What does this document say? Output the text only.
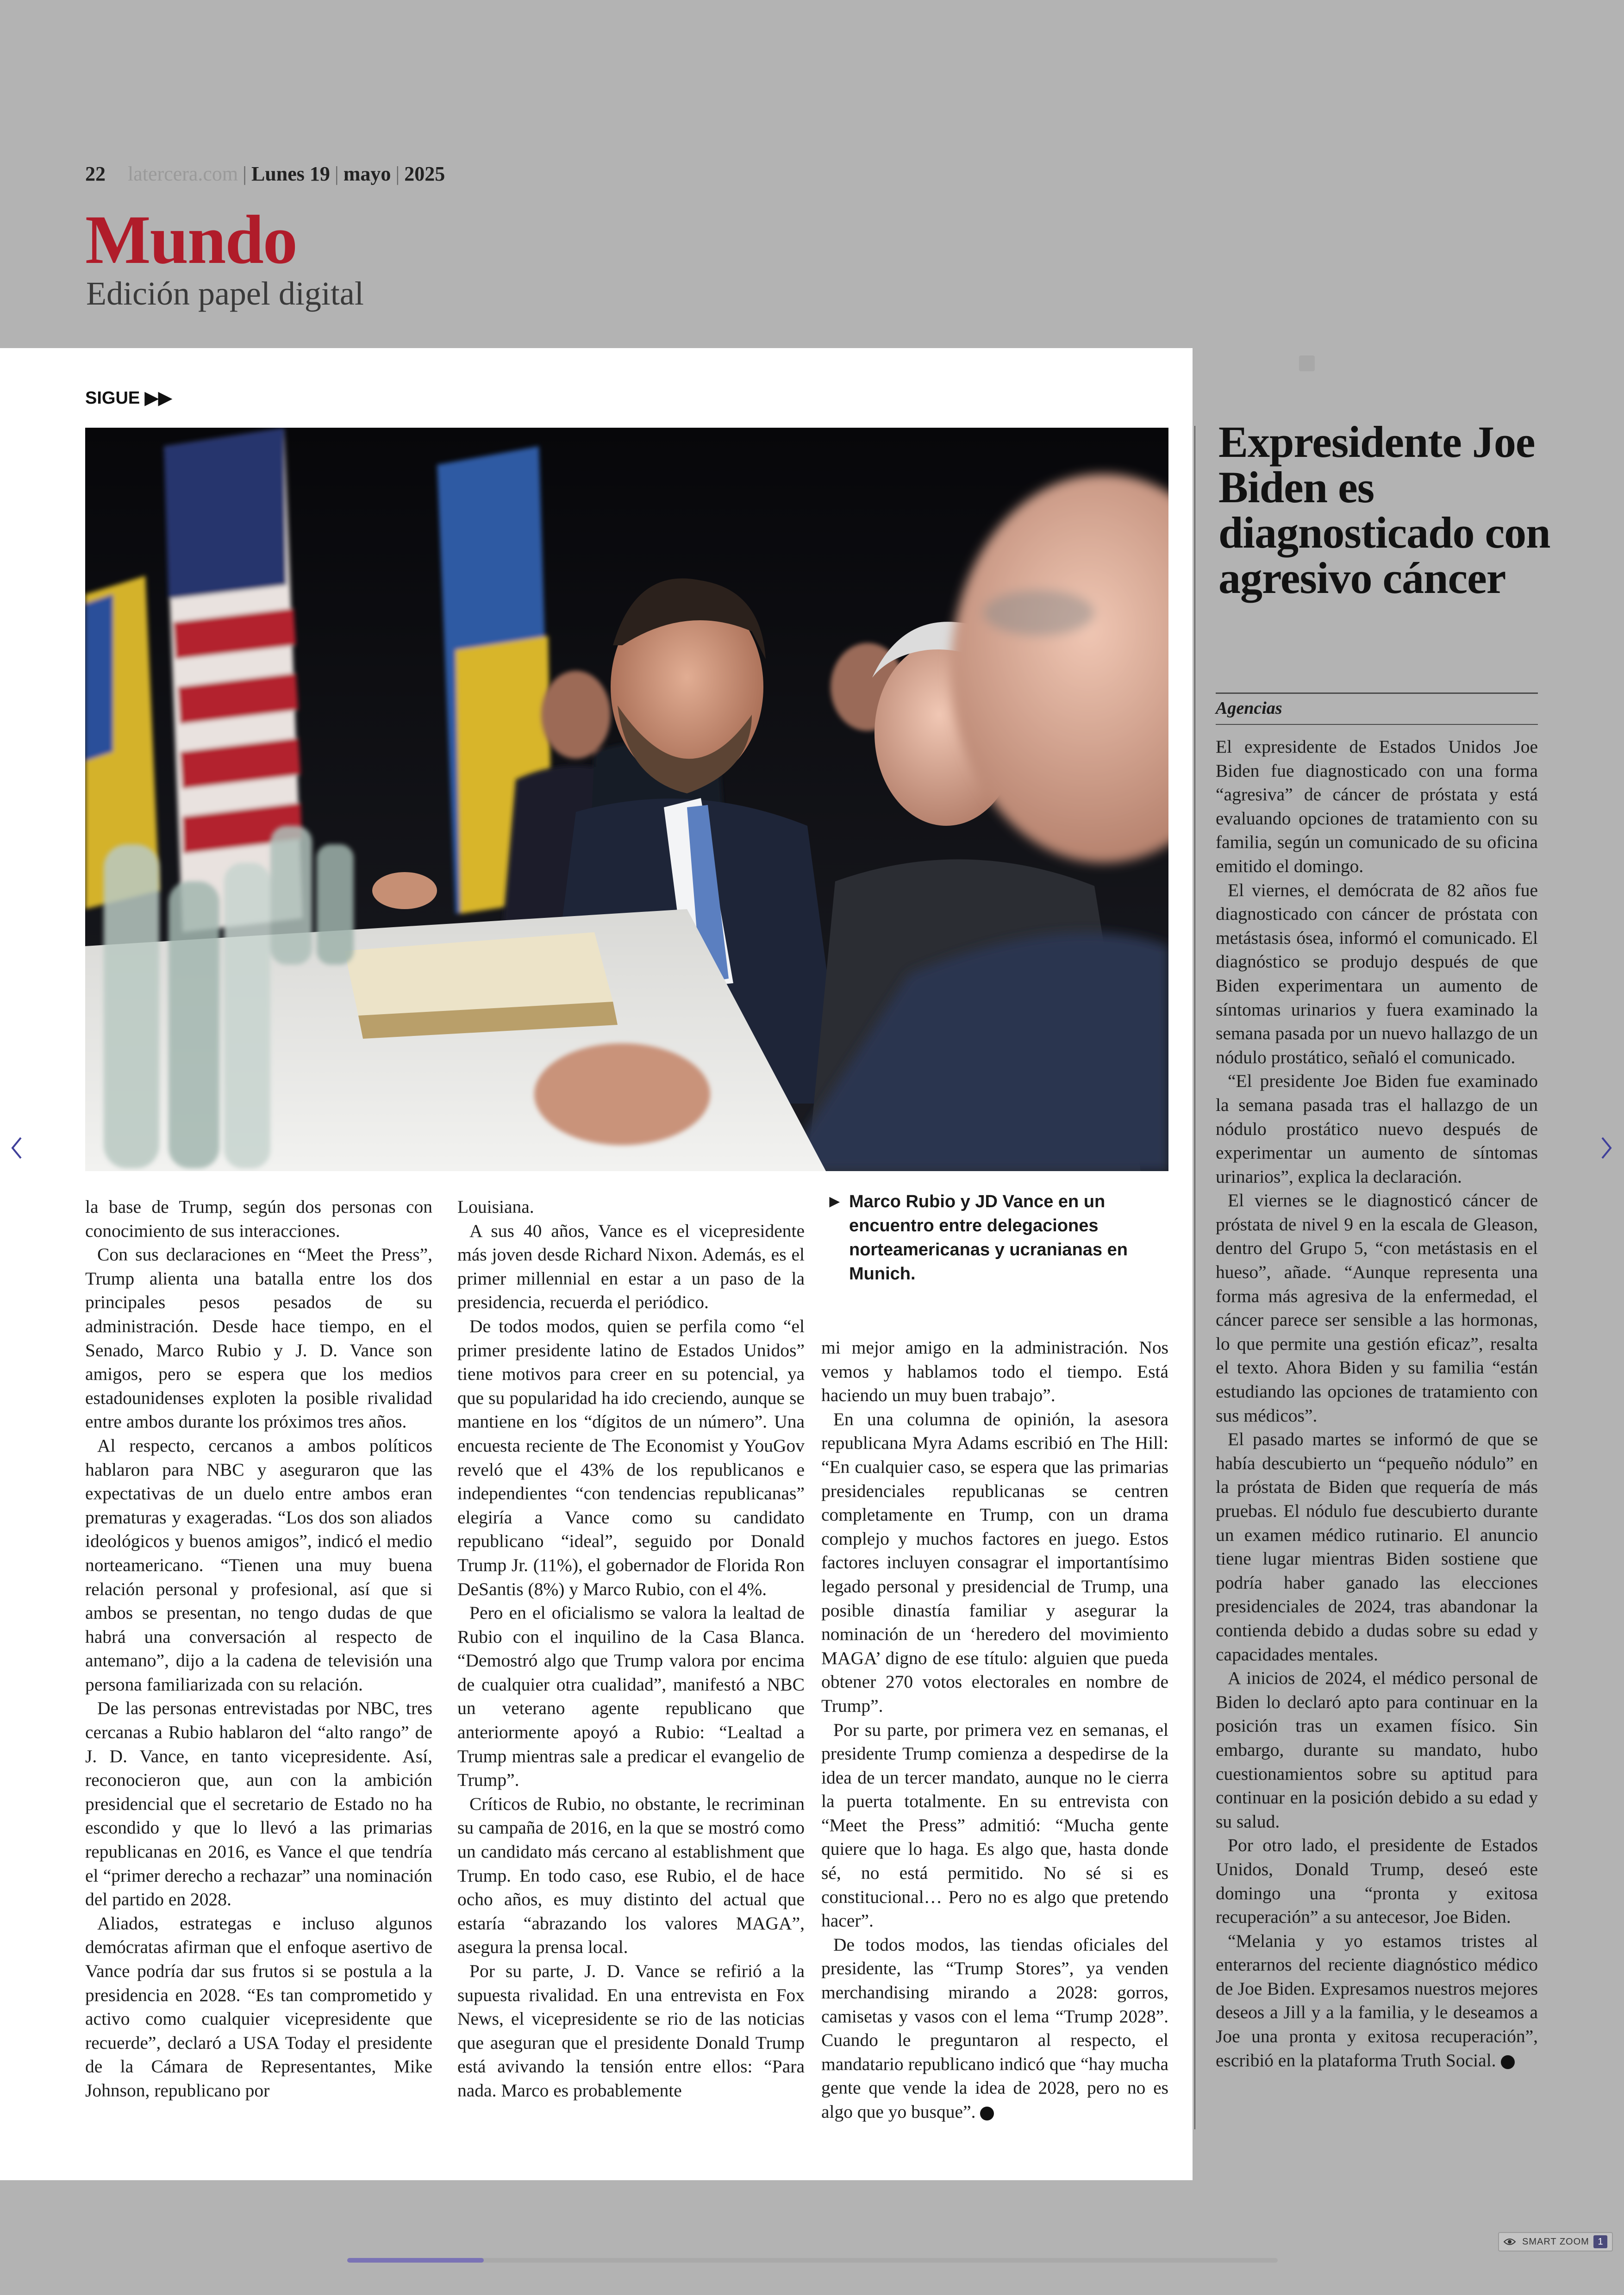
22 latercera.com | Lunes 19 | mayo | 2025
Mundo
Edición papel digital
SIGUE ▶▶
► Marco Rubio y JD Vance en un encuentro entre delegaciones norteamericanas y ucranianas en Munich.

la base de Trump, según dos personas con conocimiento de sus interacciones.

Con sus declaraciones en “Meet the Press”, Trump alienta una batalla entre los dos principales pesos pesados de su administración. Desde hace tiempo, en el Senado, Marco Rubio y J. D. Vance son amigos, pero se espera que los medios estadounidenses exploten la posible rivalidad entre ambos durante los próximos tres años.

Al respecto, cercanos a ambos políticos hablaron para NBC y aseguraron que las expectativas de un duelo entre ambos eran prematuras y exageradas. “Los dos son aliados ideológicos y buenos amigos”, indicó el medio norteamericano. “Tienen una muy buena relación personal y profesional, así que si ambos se presentan, no tengo dudas de que habrá una conversación al respecto de antemano”, dijo a la cadena de televisión una persona familiarizada con su relación.

De las personas entrevistadas por NBC, tres cercanas a Rubio hablaron del “alto rango” de J. D. Vance, en tanto vicepresidente. Así, reconocieron que, aun con la ambición presidencial que el secretario de Estado no ha escondido y que lo llevó a las primarias republicanas en 2016, es Vance el que tendría el “primer derecho a rechazar” una nominación del partido en 2028.

Aliados, estrategas e incluso algunos demócratas afirman que el enfoque asertivo de Vance podría dar sus frutos si se postula a la presidencia en 2028. “Es tan comprometido y activo como cualquier vicepresidente que recuerde”, declaró a USA Today el presidente de la Cámara de Representantes, Mike Johnson, republicano por

Louisiana.

A sus 40 años, Vance es el vicepresidente más joven desde Richard Nixon. Además, es el primer millennial en estar a un paso de la presidencia, recuerda el periódico.

De todos modos, quien se perfila como “el primer presidente latino de Estados Unidos” tiene motivos para creer en su potencial, ya que su popularidad ha ido creciendo, aunque se mantiene en los “dígitos de un número”. Una encuesta reciente de The Economist y YouGov reveló que el 43% de los republicanos e independientes “con tendencias republicanas” elegiría a Vance como su candidato republicano “ideal”, seguido por Donald Trump Jr. (11%), el gobernador de Florida Ron DeSantis (8%) y Marco Rubio, con el 4%.

Pero en el oficialismo se valora la lealtad de Rubio con el inquilino de la Casa Blanca. “Demostró algo que Trump valora por encima de cualquier otra cualidad”, manifestó a NBC un veterano agente republicano que anteriormente apoyó a Rubio: “Lealtad a Trump mientras sale a predicar el evangelio de Trump”.

Críticos de Rubio, no obstante, le recriminan su campaña de 2016, en la que se mostró como un candidato más cercano al establishment que Trump. En todo caso, ese Rubio, el de hace ocho años, es muy distinto del actual que estaría “abrazando los valores MAGA”, asegura la prensa local.

Por su parte, J. D. Vance se refirió a la supuesta rivalidad. En una entrevista en Fox News, el vicepresidente se rio de las noticias que aseguran que el presidente Donald Trump está avivando la tensión entre ellos: “Para nada. Marco es probablemente

mi mejor amigo en la administración. Nos vemos y hablamos todo el tiempo. Está haciendo un muy buen trabajo”.

En una columna de opinión, la asesora republicana Myra Adams escribió en The Hill: “En cualquier caso, se espera que las primarias presidenciales republicanas se centren completamente en Trump, con un drama complejo y muchos factores en juego. Estos factores incluyen consagrar el importantísimo legado personal y presidencial de Trump, una posible dinastía familiar y asegurar la nominación de un ‘heredero del movimiento MAGA’ digno de ese título: alguien que pueda obtener 270 votos electorales en nombre de Trump”.

Por su parte, por primera vez en semanas, el presidente Trump comienza a despedirse de la idea de un tercer mandato, aunque no le cierra la puerta totalmente. En su entrevista con “Meet the Press” admitió: “Mucha gente quiere que lo haga. Es algo que, hasta donde sé, no está permitido. No sé si es constitucional… Pero no es algo que pretendo hacer”.

De todos modos, las tiendas oficiales del presidente, las “Trump Stores”, ya venden merchandising mirando a 2028: gorros, camisetas y vasos con el lema “Trump 2028”. Cuando le preguntaron al respecto, el mandatario republicano indicó que “hay mucha gente que vende la idea de 2028, pero no es algo que yo busque”.

Expresidente Joe Biden es diagnosticado con agresivo cáncer
Agencias

El expresidente de Estados Unidos Joe Biden fue diagnosticado con una forma “agresiva” de cáncer de próstata y está evaluando opciones de tratamiento con su familia, según un comunicado de su oficina emitido el domingo.

El viernes, el demócrata de 82 años fue diagnosticado con cáncer de próstata con metástasis ósea, informó el comunicado. El diagnóstico se produjo después de que Biden experimentara un aumento de síntomas urinarios y fuera examinado la semana pasada por un nuevo hallazgo de un nódulo prostático, señaló el comunicado.

“El presidente Joe Biden fue examinado la semana pasada tras el hallazgo de un nódulo prostático nuevo después de experimentar un aumento de síntomas urinarios”, explica la declaración.

El viernes se le diagnosticó cáncer de próstata de nivel 9 en la escala de Gleason, dentro del Grupo 5, “con metástasis en el hueso”, añade. “Aunque representa una forma más agresiva de la enfermedad, el cáncer parece ser sensible a las hormonas, lo que permite una gestión eficaz”, resalta el texto. Ahora Biden y su familia “están estudiando las opciones de tratamiento con sus médicos”.

El pasado martes se informó de que se había descubierto un “pequeño nódulo” en la próstata de Biden que requería de más pruebas. El nódulo fue descubierto durante un examen médico rutinario. El anuncio tiene lugar mientras Biden sostiene que podría haber ganado las elecciones presidenciales de 2024, tras abandonar la contienda debido a dudas sobre su edad y capacidades mentales.

A inicios de 2024, el médico personal de Biden lo declaró apto para continuar en la posición tras un examen físico. Sin embargo, durante su mandato, hubo cuestionamientos sobre su aptitud para continuar en la posición debido a su edad y su salud.

Por otro lado, el presidente de Estados Unidos, Donald Trump, deseó este domingo una “pronta y exitosa recuperación” a su antecesor, Joe Biden.

“Melania y yo estamos tristes al enterarnos del reciente diagnóstico médico de Joe Biden. Expresamos nuestros mejores deseos a Jill y a la familia, y le deseamos a Joe una pronta y exitosa recuperación”, escribió en la plataforma Truth Social.

SMART ZOOM 1
